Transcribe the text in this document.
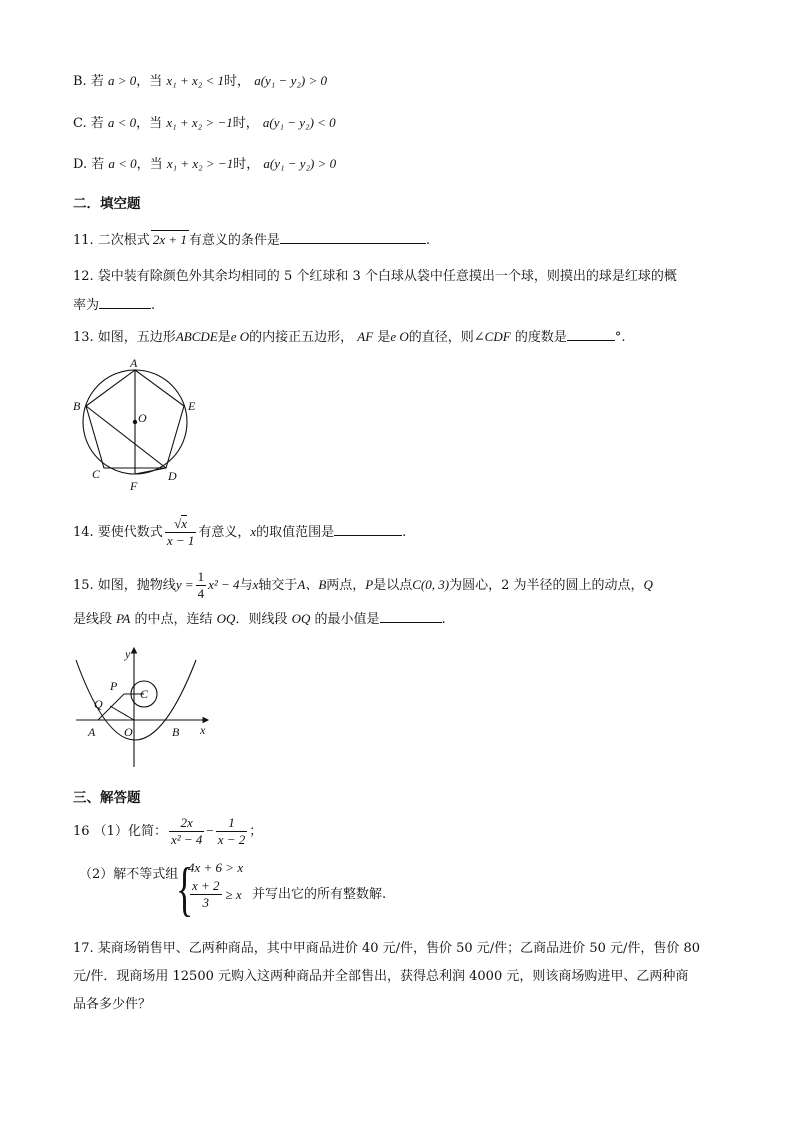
B. 若 a > 0，当 x₁ + x₂ < 1时， a(y₁ − y₂) > 0
C. 若 a < 0，当 x₁ + x₂ > −1时， a(y₁ − y₂) < 0
D. 若 a < 0，当 x₁ + x₂ > −1时， a(y₁ − y₂) > 0
二．填空题
11. 二次根式 2x + 1 有意义的条件是	.
12. 袋中装有除颜色外其余均相同的 5 个红球和 3 个白球从袋中任意摸出一个球，则摸出的球是红球的概
率为	.
13. 如图，五边形ABCDE是e O的内接正五边形， AF 是e O的直径，则∠CDF 的度数是	°.
A
B
C	D
E
F
O
14. 要使代数式 $\frac{√x}{x - 1}$ 有意义，x的取值范围是	.
15. 如图，抛物线$y = \frac{1}{4} x^2 - 4$与x轴交于A、B两点，P是以点C(0, 3)为圆心，2 为半径的圆上的动点，Q
是线段 PA 的中点，连结 OQ．则线段 OQ 的最小值是	.
y
x
P
C
Q
A O	B
三、解答题
16 （1）化简： $\frac{2x}{\text{x² − 4}} - \frac{1}{x - 2}$ ；
（2）解不等式组
{
4x + 6 > x
$\frac{x + 2}{3} \ge x$ 并写出它的所有整数解.
17. 某商场销售甲、乙两种商品，其中甲商品进价 40 元/件，售价 50 元/件；乙商品进价 50 元/件，售价 80
元/件．现商场用 12500 元购入这两种商品并全部售出，获得总利润 4000 元，则该商场购进甲、乙两种商
品各多少件？
